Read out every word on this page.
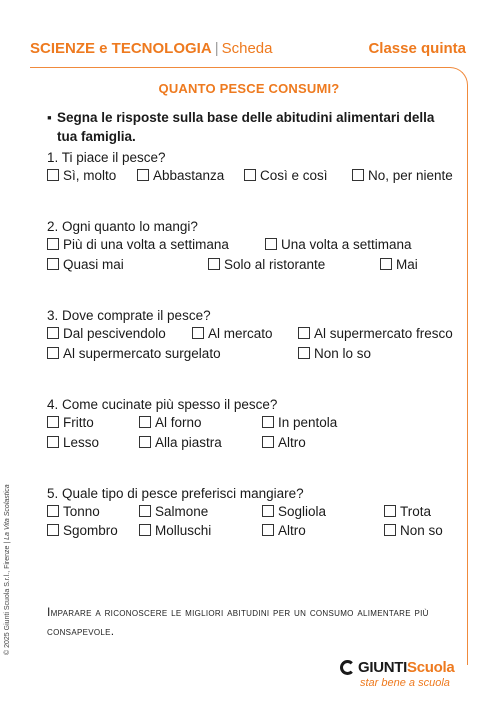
SCIENZE e TECNOLOGIA | Scheda	Classe quinta
QUANTO PESCE CONSUMI?
▪ Segna le risposte sulla base delle abitudini alimentari della tua famiglia.
1. Ti piace il pesce?
Sì, molto	Abbastanza	Così e così	No, per niente
2. Ogni quanto lo mangi?
Più di una volta a settimana	Una volta a settimana
Quasi mai	Solo al ristorante	Mai
3. Dove comprate il pesce?
Dal pescivendolo	Al mercato	Al supermercato fresco
Al supermercato surgelato	Non lo so
4. Come cucinate più spesso il pesce?
Fritto	Al forno	In pentola
Lesso	Alla piastra	Altro
5. Quale tipo di pesce preferisci mangiare?
Tonno	Salmone	Sogliola	Trota
Sgombro	Molluschi	Altro	Non so
Imparare a riconoscere le migliori abitudini per un consumo alimentare più consapevole.
© 2025 Giunti Scuola S.r.l., Firenze | La Vita Scolastica
GIUNTIScuola
star bene a scuola
